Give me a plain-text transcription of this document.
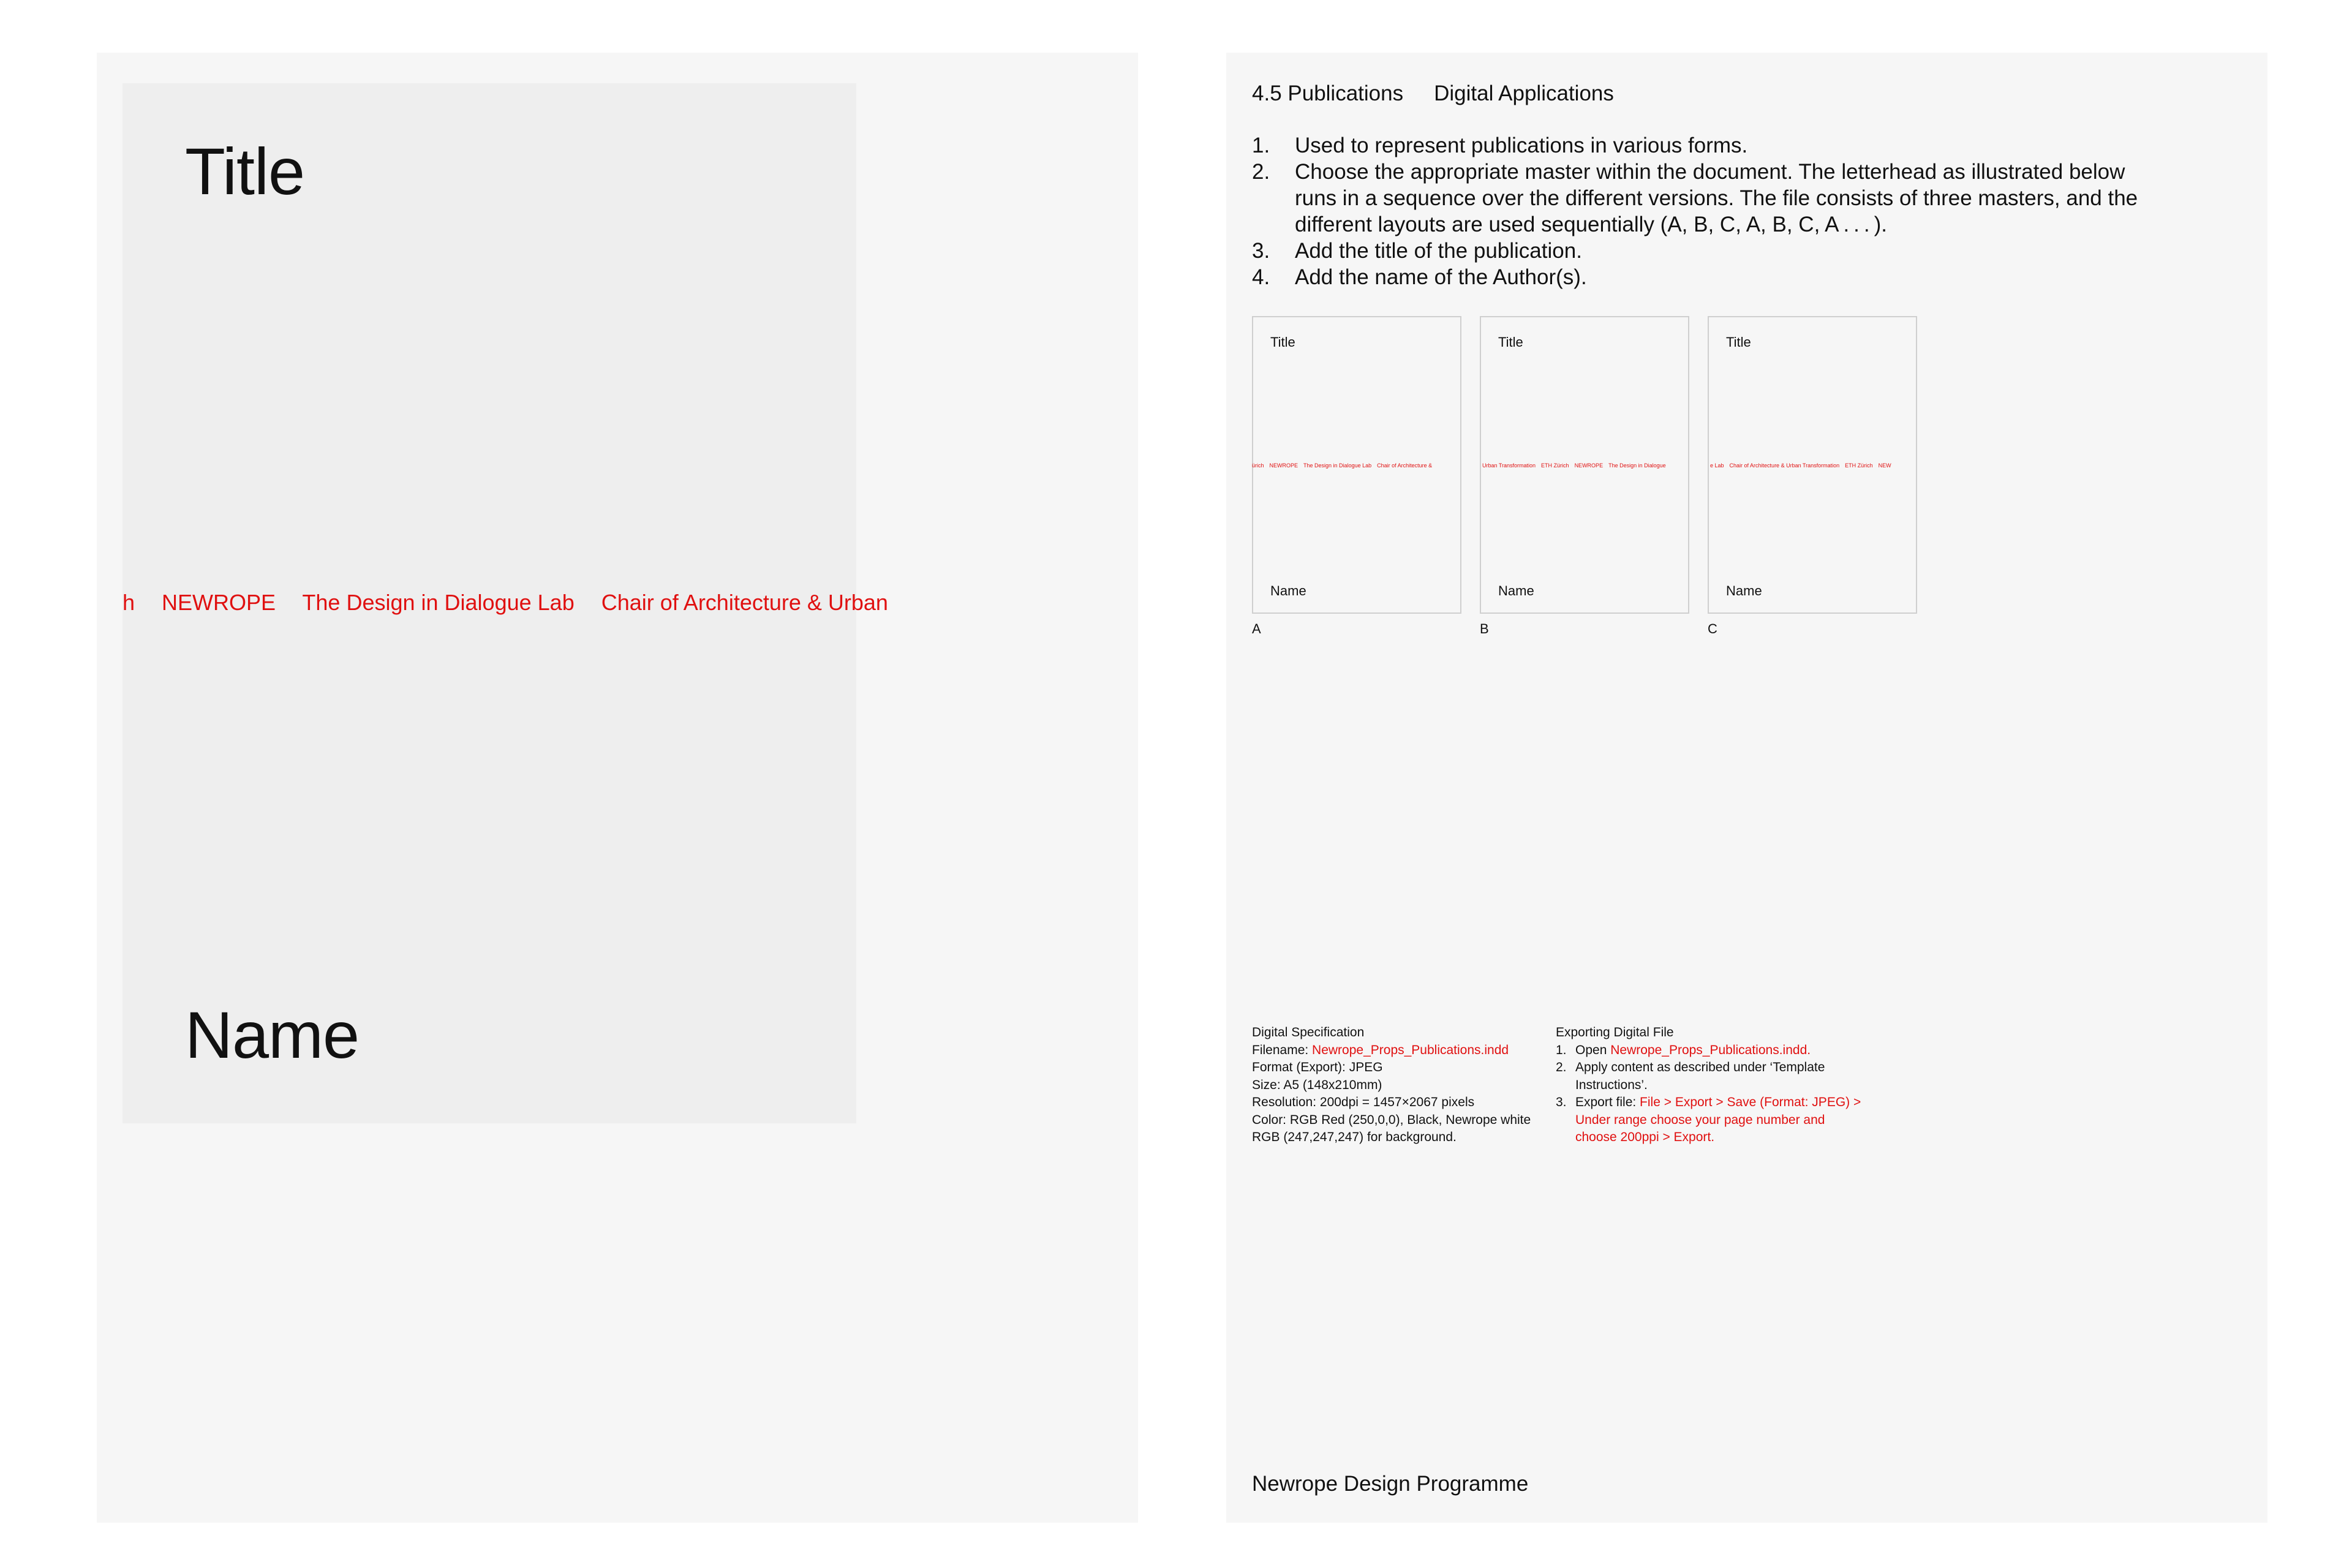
Title
h NEWROPE The Design in Dialogue Lab Chair of Architecture & Urban
Name
4.5 Publications Digital Applications
1. Used to represent publications in various forms.
2. Choose the appropriate master within the document. The letterhead as illustrated below runs in a sequence over the different versions. The file consists of three masters, and the different layouts are used sequentially (A, B, C, A, B, C, A . . . ).
3. Add the title of the publication.
4. Add the name of the Author(s).
Title
ürich NEWROPE The Design in Dialogue Lab Chair of Architecture &
Name
A
Title
Urban Transformation ETH Zürich NEWROPE The Design in Dialogue
Name
B
Title
e Lab Chair of Architecture & Urban Transformation ETH Zürich NEW
Name
C

Digital Specification

Filename: Newrope_Props_Publications.indd

Format (Export): JPEG

Size: A5 (148x210mm)

Resolution: 200dpi = 1457×2067 pixels

Color: RGB Red (250,0,0), Black, Newrope white RGB (247,247,247) for background.

Exporting Digital File

1. Open Newrope_Props_Publications.indd.
2. Apply content as described under ‘Template Instructions’.
3. Export file: File > Export > Save (Format: JPEG) > Under range choose your page number and choose 200ppi > Export.
Newrope Design Programme
